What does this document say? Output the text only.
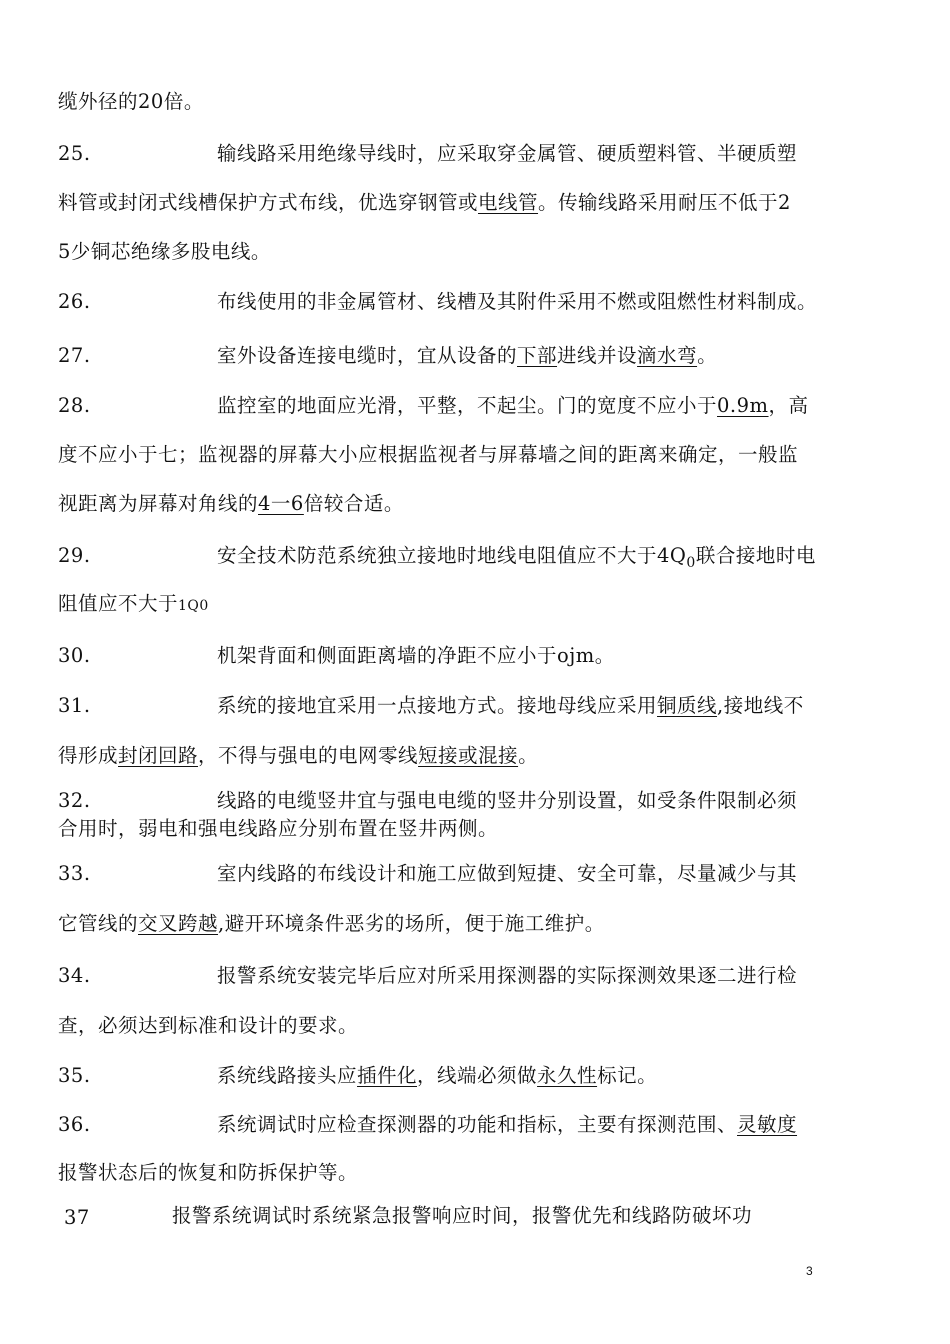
缆外径的20倍。
25.	输线路采用绝缘导线时，应采取穿金属管、硬质塑料管、半硬质塑
料管或封闭式线槽保护方式布线，优选穿钢管或电线管。传输线路采用耐压不低于2
5少铜芯绝缘多股电线。
26.	布线使用的非金属管材、线槽及其附件采用不燃或阻燃性材料制成。
27.	室外设备连接电缆时，宜从设备的下部进线并设滴水弯。
28.	监控室的地面应光滑，平整，不起尘。门的宽度不应小于0.9m，高
度不应小于七；监视器的屏幕大小应根据监视者与屏幕墙之间的距离来确定，一般监
视距离为屏幕对角线的4一6倍较合适。
29.	安全技术防范系统独立接地时地线电阻值应不大于$4Q_0$联合接地时电
阻值应不大于1Q0
30.	机架背面和侧面距离墙的净距不应小于ojm。
31.	系统的接地宜采用一点接地方式。接地母线应采用铜质线,接地线不
得形成封闭回路，不得与强电的电网零线短接或混接。
32.	线路的电缆竖井宜与强电电缆的竖井分别设置，如受条件限制必须
合用时，弱电和强电线路应分别布置在竖井两侧。
33.	室内线路的布线设计和施工应做到短捷、安全可靠，尽量减少与其
它管线的交叉跨越,避开环境条件恶劣的场所，便于施工维护。
34.	报警系统安装完毕后应对所采用探测器的实际探测效果逐二进行检
查，必须达到标准和设计的要求。
35.	系统线路接头应插件化，线端必须做永久性标记。
36.	系统调试时应检查探测器的功能和指标，主要有探测范围、灵敏度
报警状态后的恢复和防拆保护等。
37	报警系统调试时系统紧急报警响应时间，报警优先和线路防破坏功
3
